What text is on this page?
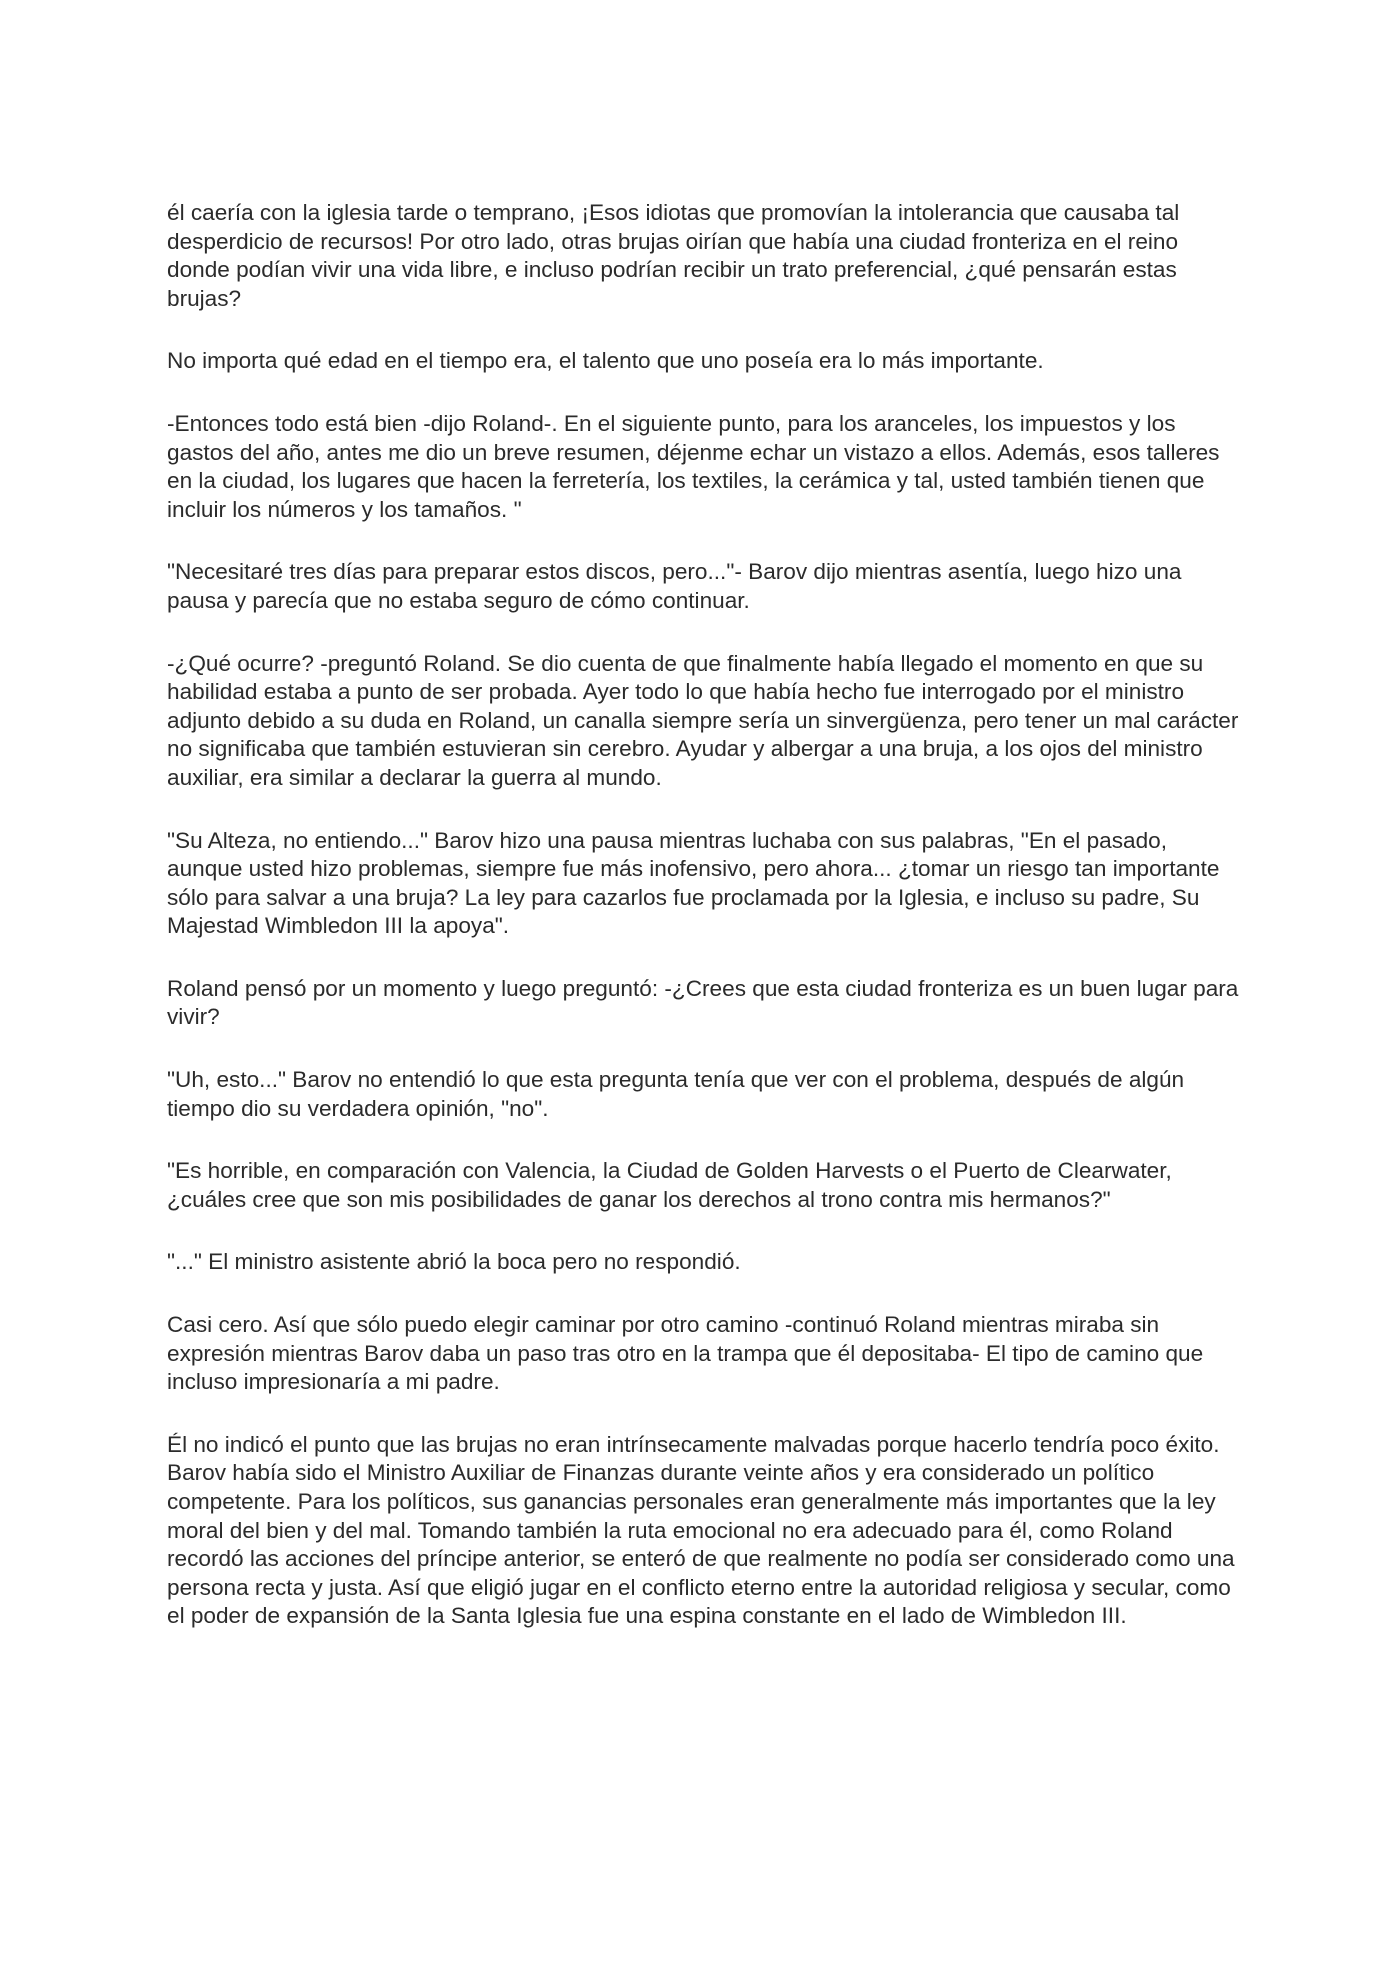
él caería con la iglesia tarde o temprano, ¡Esos idiotas que promovían la intolerancia que causaba tal desperdicio de recursos! Por otro lado, otras brujas oirían que había una ciudad fronteriza en el reino donde podían vivir una vida libre, e incluso podrían recibir un trato preferencial, ¿qué pensarán estas brujas?

No importa qué edad en el tiempo era, el talento que uno poseía era lo más importante.

-Entonces todo está bien -dijo Roland-. En el siguiente punto, para los aranceles, los impuestos y los gastos del año, antes me dio un breve resumen, déjenme echar un vistazo a ellos. Además, esos talleres en la ciudad, los lugares que hacen la ferretería, los textiles, la cerámica y tal, usted también tienen que incluir los números y los tamaños. "

"Necesitaré tres días para preparar estos discos, pero..."- Barov dijo mientras asentía, luego hizo una pausa y parecía que no estaba seguro de cómo continuar.

-¿Qué ocurre? -preguntó Roland. Se dio cuenta de que finalmente había llegado el momento en que su habilidad estaba a punto de ser probada. Ayer todo lo que había hecho fue interrogado por el ministro adjunto debido a su duda en Roland, un canalla siempre sería un sinvergüenza, pero tener un mal carácter no significaba que también estuvieran sin cerebro. Ayudar y albergar a una bruja, a los ojos del ministro auxiliar, era similar a declarar la guerra al mundo.

"Su Alteza, no entiendo..." Barov hizo una pausa mientras luchaba con sus palabras, "En el pasado, aunque usted hizo problemas, siempre fue más inofensivo, pero ahora... ¿tomar un riesgo tan importante sólo para salvar a una bruja? La ley para cazarlos fue proclamada por la Iglesia, e incluso su padre, Su Majestad Wimbledon III la apoya".

Roland pensó por un momento y luego preguntó: -¿Crees que esta ciudad fronteriza es un buen lugar para vivir?

"Uh, esto..." Barov no entendió lo que esta pregunta tenía que ver con el problema, después de algún tiempo dio su verdadera opinión, "no".

"Es horrible, en comparación con Valencia, la Ciudad de Golden Harvests o el Puerto de Clearwater, ¿cuáles cree que son mis posibilidades de ganar los derechos al trono contra mis hermanos?"

"..." El ministro asistente abrió la boca pero no respondió.

Casi cero. Así que sólo puedo elegir caminar por otro camino -continuó Roland mientras miraba sin expresión mientras Barov daba un paso tras otro en la trampa que él depositaba- El tipo de camino que incluso impresionaría a mi padre.

Él no indicó el punto que las brujas no eran intrínsecamente malvadas porque hacerlo tendría poco éxito. Barov había sido el Ministro Auxiliar de Finanzas durante veinte años y era considerado un político competente. Para los políticos, sus ganancias personales eran generalmente más importantes que la ley moral del bien y del mal. Tomando también la ruta emocional no era adecuado para él, como Roland recordó las acciones del príncipe anterior, se enteró de que realmente no podía ser considerado como una persona recta y justa. Así que eligió jugar en el conflicto eterno entre la autoridad religiosa y secular, como el poder de expansión de la Santa Iglesia fue una espina constante en el lado de Wimbledon III.
